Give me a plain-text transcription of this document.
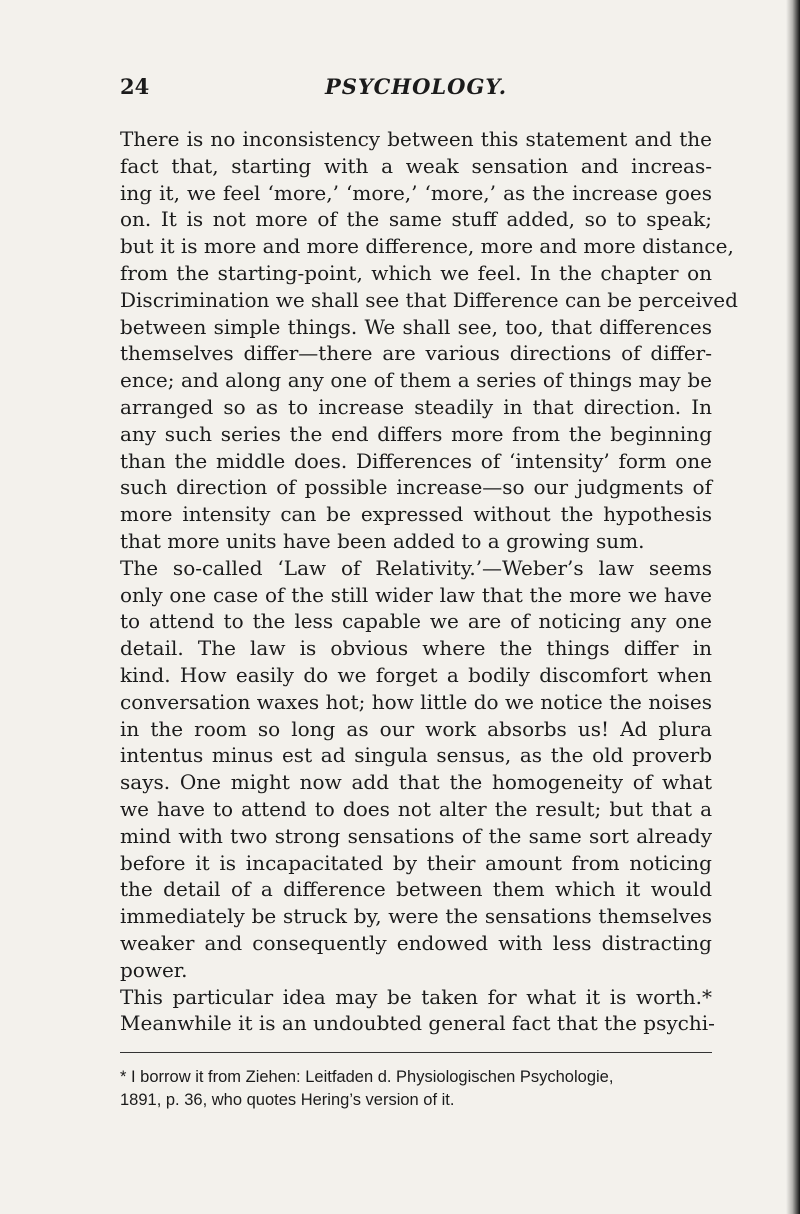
24	PSYCHOLOGY.
There is no inconsistency between this statement and the
fact that, starting with a weak sensation and increas-
ing it, we feel ‘more,’ ‘more,’ ‘more,’ as the increase goes
on. It is not more of the same stuff added, so to speak;
but it is more and more difference, more and more distance,
from the starting-point, which we feel. In the chapter on
Discrimination we shall see that Difference can be perceived
between simple things. We shall see, too, that differences
themselves differ—there are various directions of differ-
ence; and along any one of them a series of things may be
arranged so as to increase steadily in that direction. In
any such series the end differs more from the beginning
than the middle does. Differences of ‘intensity’ form one
such direction of possible increase—so our judgments of
more intensity can be expressed without the hypothesis
that more units have been added to a growing sum.
The so-called ‘Law of Relativity.’—Weber’s law seems
only one case of the still wider law that the more we have
to attend to the less capable we are of noticing any one
detail. The law is obvious where the things differ in
kind. How easily do we forget a bodily discomfort when
conversation waxes hot; how little do we notice the noises
in the room so long as our work absorbs us! Ad plura
intentus minus est ad singula sensus, as the old proverb
says. One might now add that the homogeneity of what
we have to attend to does not alter the result; but that a
mind with two strong sensations of the same sort already
before it is incapacitated by their amount from noticing
the detail of a difference between them which it would
immediately be struck by, were the sensations themselves
weaker and consequently endowed with less distracting
power.
This particular idea may be taken for what it is worth.*
Meanwhile it is an undoubted general fact that the psychi-
* I borrow it from Ziehen: Leitfaden d. Physiologischen Psychologie,
1891, p. 36, who quotes Hering’s version of it.
